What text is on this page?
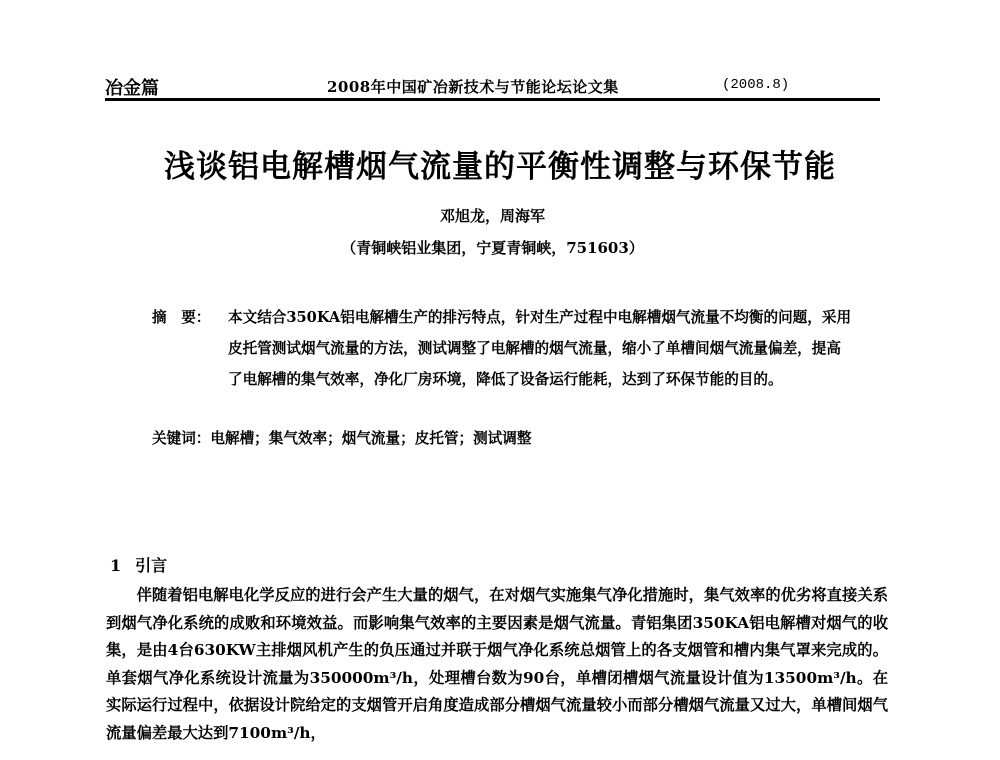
冶金篇	2008年中国矿冶新技术与节能论坛论文集	(2008.8)
浅谈铝电解槽烟气流量的平衡性调整与环保节能
邓旭龙，周海军
（青铜峡铝业集团，宁夏青铜峡，751603）
摘　要：	本文结合350KA铝电解槽生产的排污特点，针对生产过程中电解槽烟气流量不均衡的问题，采用皮托管测试烟气流量的方法，测试调整了电解槽的烟气流量，缩小了单槽间烟气流量偏差，提高了电解槽的集气效率，净化厂房环境，降低了设备运行能耗，达到了环保节能的目的。
关键词：电解槽；集气效率；烟气流量；皮托管；测试调整
1 引言

伴随着铝电解电化学反应的进行会产生大量的烟气，在对烟气实施集气净化措施时，集气效率的优劣将直接关系到烟气净化系统的成败和环境效益。而影响集气效率的主要因素是烟气流量。青铝集团350KA铝电解槽对烟气的收集，是由4台630KW主排烟风机产生的负压通过并联于烟气净化系统总烟管上的各支烟管和槽内集气罩来完成的。单套烟气净化系统设计流量为350000m³/h，处理槽台数为90台，单槽闭槽烟气流量设计值为13500m³/h。在实际运行过程中，依据设计院给定的支烟管开启角度造成部分槽烟气流量较小而部分槽烟气流量又过大，单槽间烟气流量偏差最大达到7100m³/h，
